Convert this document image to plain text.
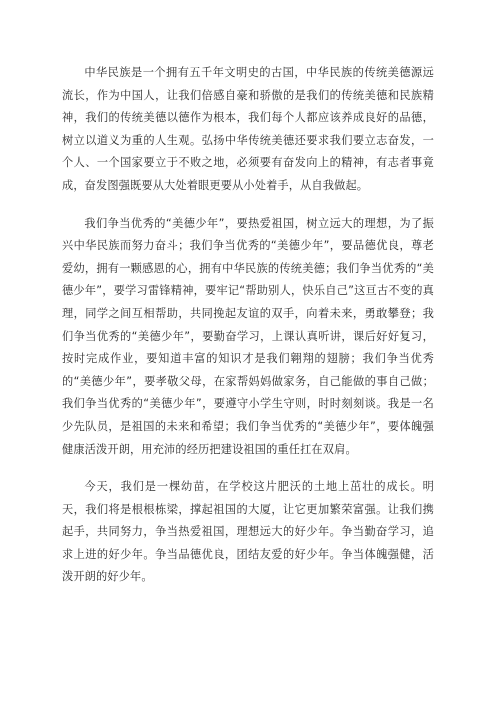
中华民族是一个拥有五千年文明史的古国，中华民族的传统美德源远流长，作为中国人，让我们倍感自豪和骄傲的是我们的传统美德和民族精神，我们的传统美德以德作为根本，我们每个人都应该养成良好的品德，树立以道义为重的人生观。弘扬中华传统美德还要求我们要立志奋发，一个人、一个国家要立于不败之地，必须要有奋发向上的精神，有志者事竟成，奋发图强既要从大处着眼更要从小处着手，从自我做起。

我们争当优秀的“美德少年”，要热爱祖国，树立远大的理想，为了振兴中华民族而努力奋斗；我们争当优秀的“美德少年”，要品德优良，尊老爱幼，拥有一颗感恩的心，拥有中华民族的传统美德；我们争当优秀的“美德少年”，要学习雷锋精神，要牢记“帮助别人，快乐自己”这亘古不变的真理，同学之间互相帮助，共同挽起友谊的双手，向着未来，勇敢攀登；我们争当优秀的“美德少年”，要勤奋学习，上课认真听讲，课后好好复习，按时完成作业，要知道丰富的知识才是我们翱翔的翅膀；我们争当优秀的“美德少年”，要孝敬父母，在家帮妈妈做家务，自己能做的事自己做；我们争当优秀的“美德少年”，要遵守小学生守则，时时刻刻谈。我是一名少先队员，是祖国的未来和希望；我们争当优秀的“美德少年”，要体魄强健康活泼开朗，用充沛的经历把建设祖国的重任扛在双肩。

今天，我们是一棵幼苗，在学校这片肥沃的土地上茁壮的成长。明天，我们将是根根栋梁，撑起祖国的大厦，让它更加繁荣富强。让我们携起手，共同努力，争当热爱祖国，理想远大的好少年。争当勤奋学习，追求上进的好少年。争当品德优良，团结友爱的好少年。争当体魄强健，活泼开朗的好少年。
